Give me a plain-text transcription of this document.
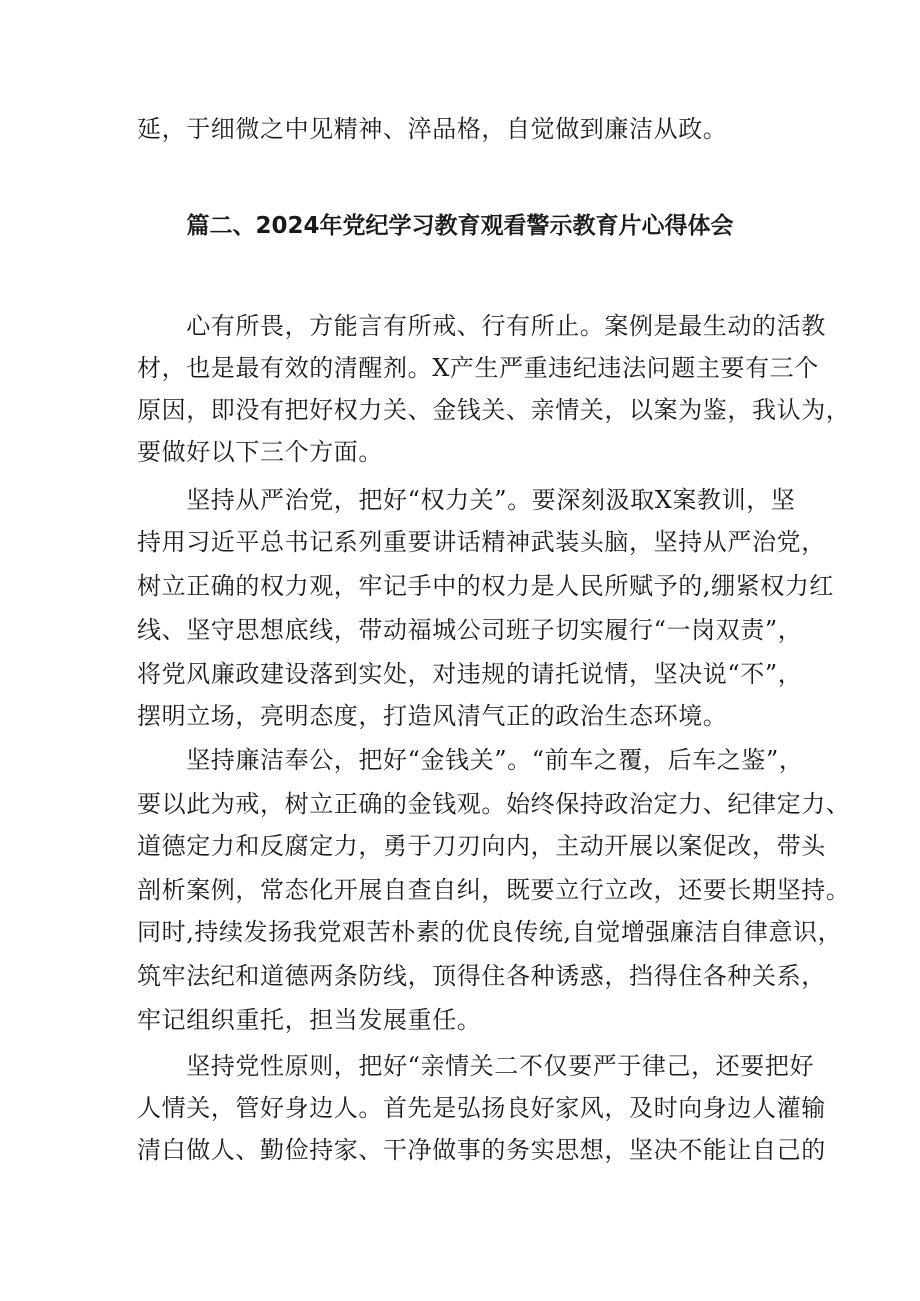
延，于细微之中见精神、淬品格，自觉做到廉洁从政。
篇二、2024年党纪学习教育观看警示教育片心得体会
　　心有所畏，方能言有所戒、行有所止。案例是最生动的活教
材，也是最有效的清醒剂。X产生严重违纪违法问题主要有三个
原因，即没有把好权力关、金钱关、亲情关，以案为鉴，我认为，
要做好以下三个方面。
　　坚持从严治党，把好“权力关”。要深刻汲取X案教训，坚
持用习近平总书记系列重要讲话精神武装头脑，坚持从严治党，
树立正确的权力观，牢记手中的权力是人民所赋予的,绷紧权力红
线、坚守思想底线，带动福城公司班子切实履行“一岗双责”，
将党风廉政建设落到实处，对违规的请托说情，坚决说“不”，
摆明立场，亮明态度，打造风清气正的政治生态环境。
　　坚持廉洁奉公，把好“金钱关”。“前车之覆，后车之鉴”，
要以此为戒，树立正确的金钱观。始终保持政治定力、纪律定力、
道德定力和反腐定力，勇于刀刃向内，主动开展以案促改，带头
剖析案例，常态化开展自查自纠，既要立行立改，还要长期坚持。
同时,持续发扬我党艰苦朴素的优良传统,自觉增强廉洁自律意识，
筑牢法纪和道德两条防线，顶得住各种诱惑，挡得住各种关系，
牢记组织重托，担当发展重任。
　　坚持党性原则，把好“亲情关二不仅要严于律己，还要把好
人情关，管好身边人。首先是弘扬良好家风，及时向身边人灌输
清白做人、勤俭持家、干净做事的务实思想，坚决不能让自己的
